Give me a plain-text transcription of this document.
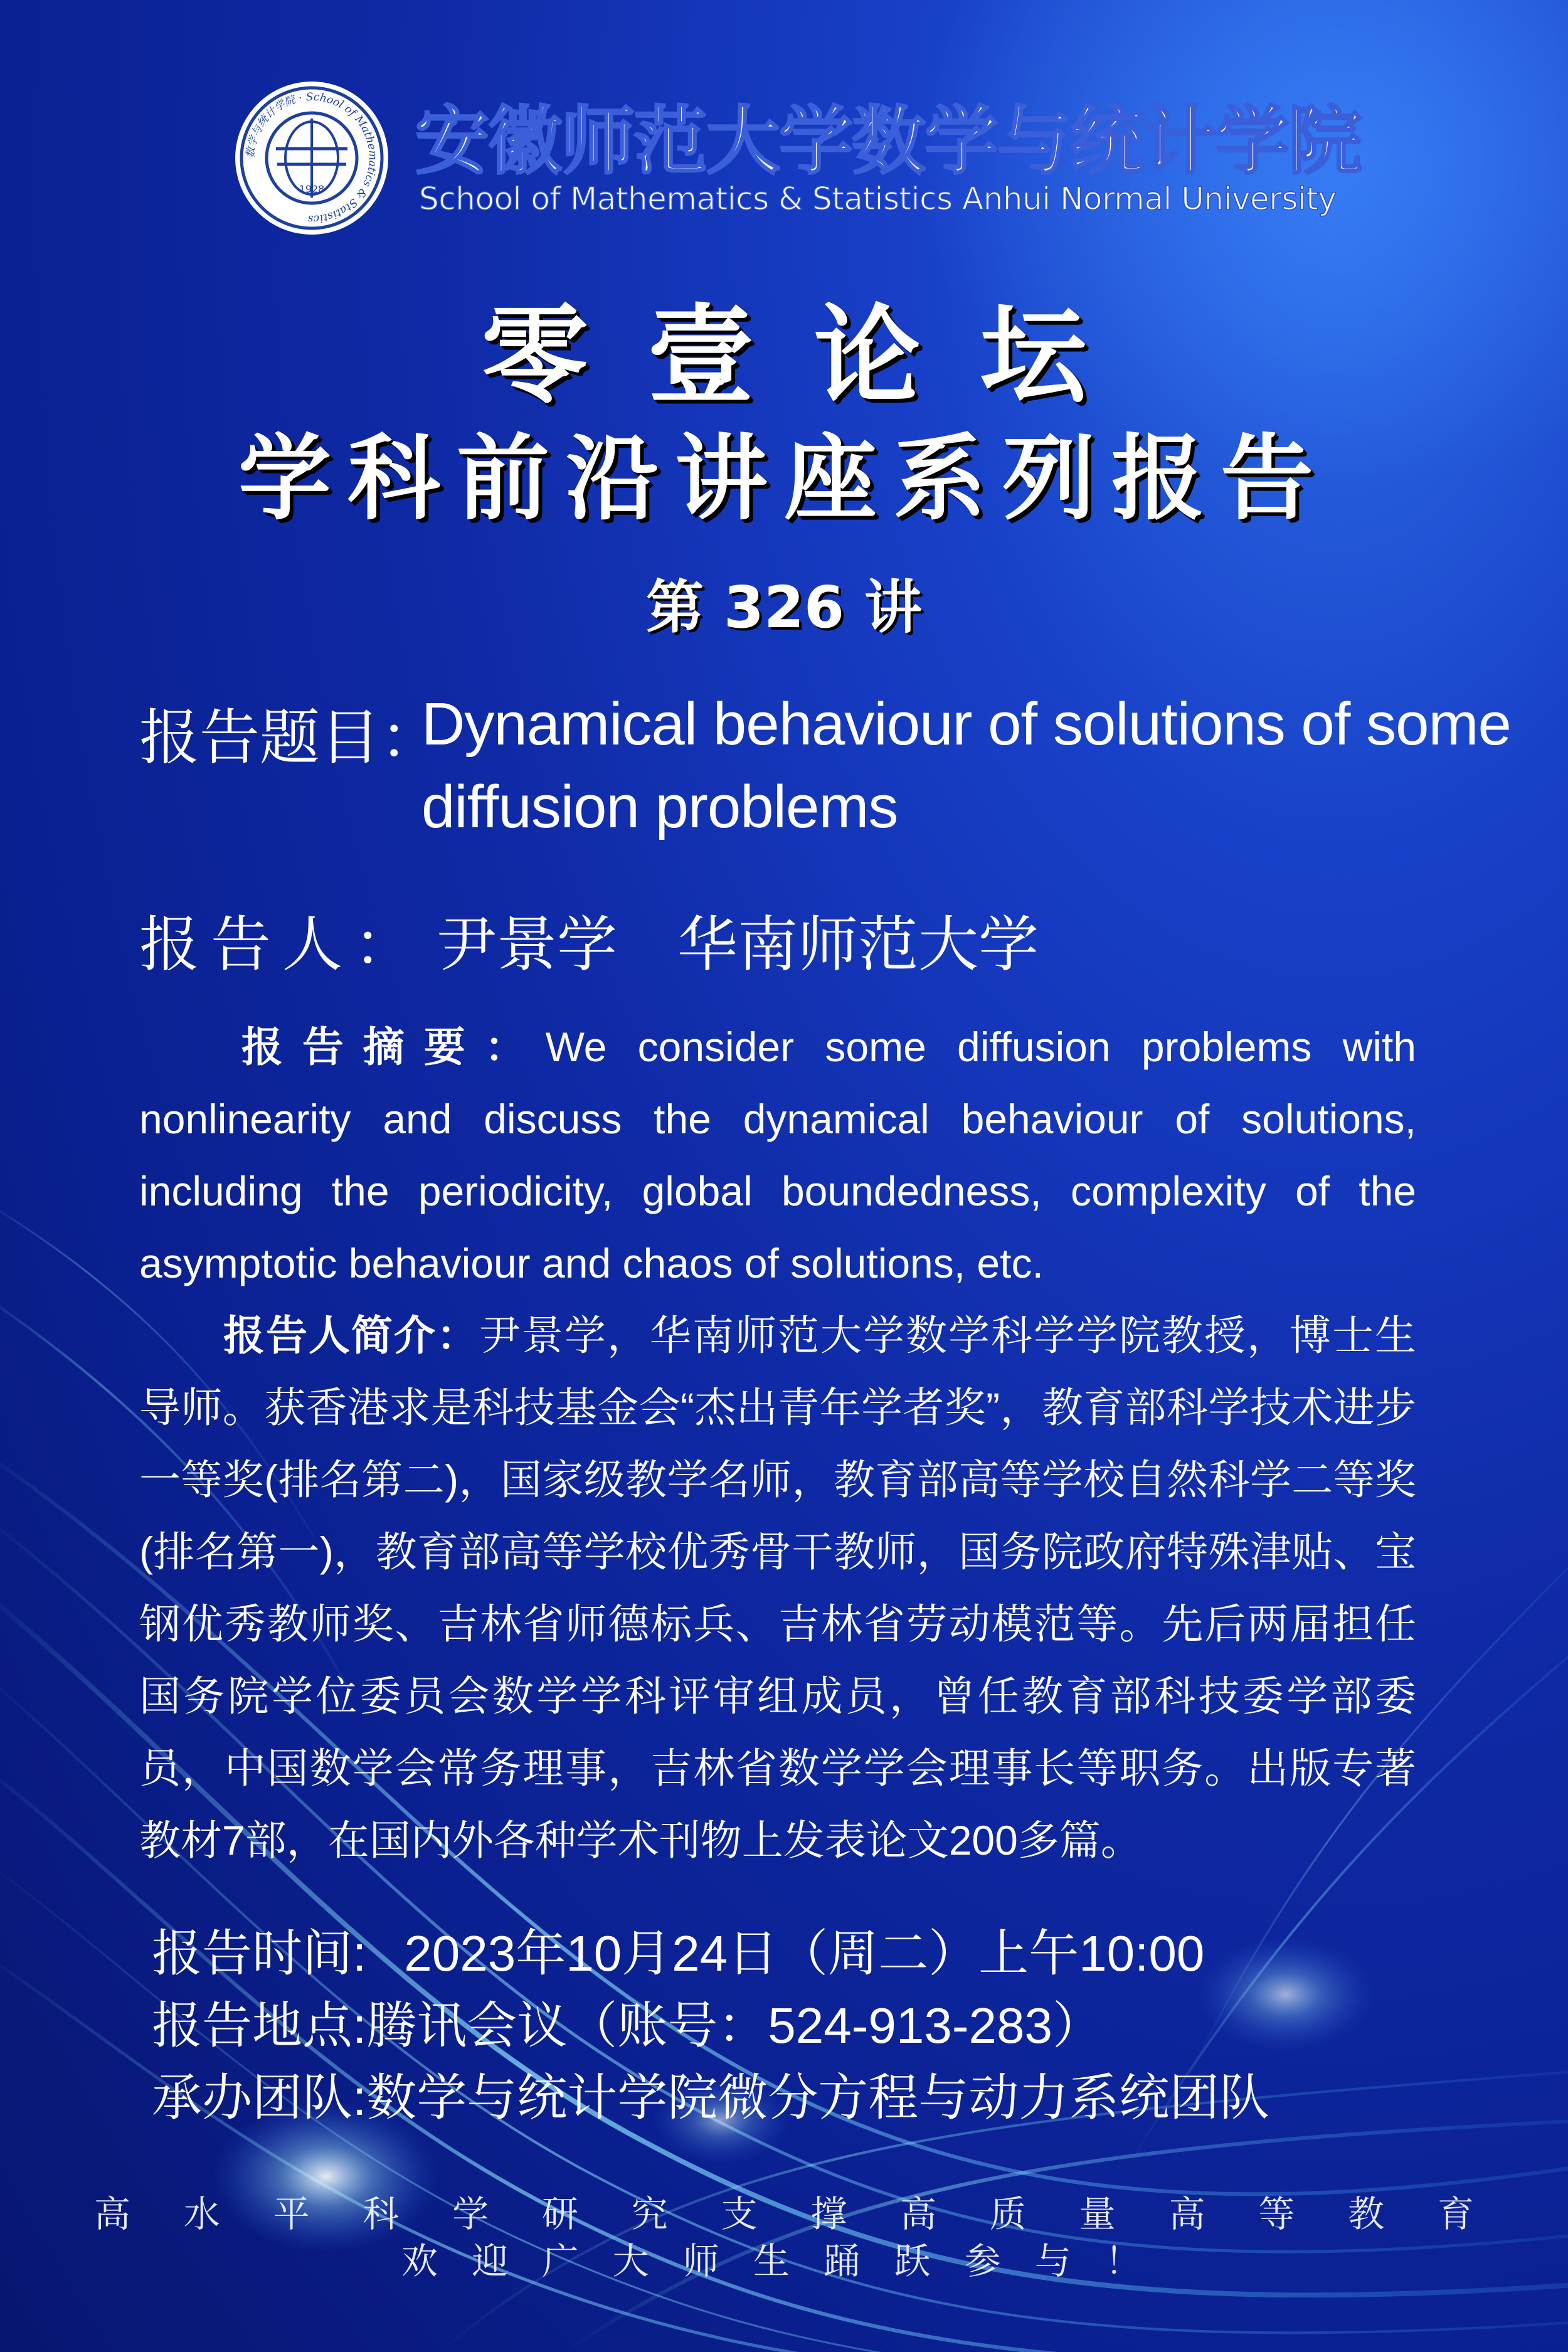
数学与统计学院 · School of Mathematics & Statistics
1928
安徽师范大学数学与统计学院
School of Mathematics & Statistics Anhui Normal University
零壹论坛
学科前沿讲座系列报告
第 326 讲
报告题目：
Dynamical behaviour of solutions of some
diffusion problems
报告人： 尹景学　华南师范大学
报告摘要：We consider some diffusion problems with nonlinearity and discuss the dynamical behaviour of solutions, including the periodicity, global boundedness, complexity of the asymptotic behaviour and chaos of solutions, etc.
报告人简介：尹景学，华南师范大学数学科学学院教授，博士生导师。获香港求是科技基金会“杰出青年学者奖”，教育部科学技术进步一等奖(排名第二)，国家级教学名师，教育部高等学校自然科学二等奖(排名第一)，教育部高等学校优秀骨干教师，国务院政府特殊津贴、宝钢优秀教师奖、吉林省师德标兵、吉林省劳动模范等。先后两届担任国务院学位委员会数学学科评审组成员，曾任教育部科技委学部委员，中国数学会常务理事，吉林省数学学会理事长等职务。出版专著教材7部，在国内外各种学术刊物上发表论文200多篇。
报告时间: 2023年10月24日（周二）上午10:00
报告地点:腾讯会议（账号：524-913-283）
承办团队:数学与统计学院微分方程与动力系统团队
高 水 平 科 学 研 究 支 撑 高 质 量 高 等 教 育
欢 迎 广 大 师 生 踊 跃 参 与 ！
